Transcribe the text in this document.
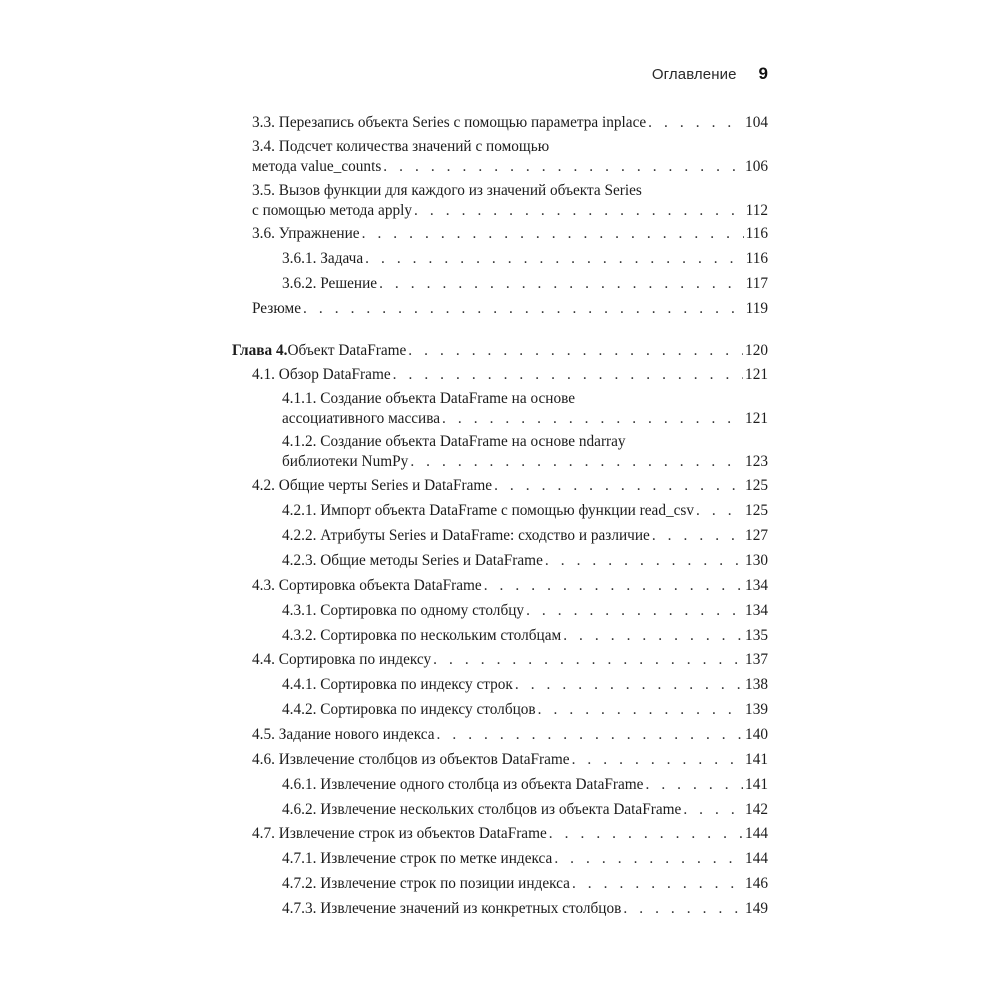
Оглавление 9
3.3. Перезапись объекта Series с помощью параметра inplace . . .	104
3.4. Подсчет количества значений с помощью
метода value_counts . . .	106
3.5. Вызов функции для каждого из значений объекта Series
с помощью метода apply . . .	112
3.6. Упражнение . . .	116
3.6.1. Задача . . .	116
3.6.2. Решение . . .	117
Резюме . . .	119
Глава 4. Объект DataFrame . . .	120
4.1. Обзор DataFrame . . .	121
4.1.1. Создание объекта DataFrame на основе
ассоциативного массива . . .	121
4.1.2. Создание объекта DataFrame на основе ndarray
библиотеки NumPy . . .	123
4.2. Общие черты Series и DataFrame . . .	125
4.2.1. Импорт объекта DataFrame с помощью функции read_csv . . .	125
4.2.2. Атрибуты Series и DataFrame: сходство и различие . . .	127
4.2.3. Общие методы Series и DataFrame . . .	130
4.3. Сортировка объекта DataFrame . . .	134
4.3.1. Сортировка по одному столбцу . . .	134
4.3.2. Сортировка по нескольким столбцам . . .	135
4.4. Сортировка по индексу . . .	137
4.4.1. Сортировка по индексу строк . . .	138
4.4.2. Сортировка по индексу столбцов . . .	139
4.5. Задание нового индекса . . .	140
4.6. Извлечение столбцов из объектов DataFrame . . .	141
4.6.1. Извлечение одного столбца из объекта DataFrame . . .	141
4.6.2. Извлечение нескольких столбцов из объекта DataFrame . . .	142
4.7. Извлечение строк из объектов DataFrame . . .	144
4.7.1. Извлечение строк по метке индекса . . .	144
4.7.2. Извлечение строк по позиции индекса . . .	146
4.7.3. Извлечение значений из конкретных столбцов . . .	149
